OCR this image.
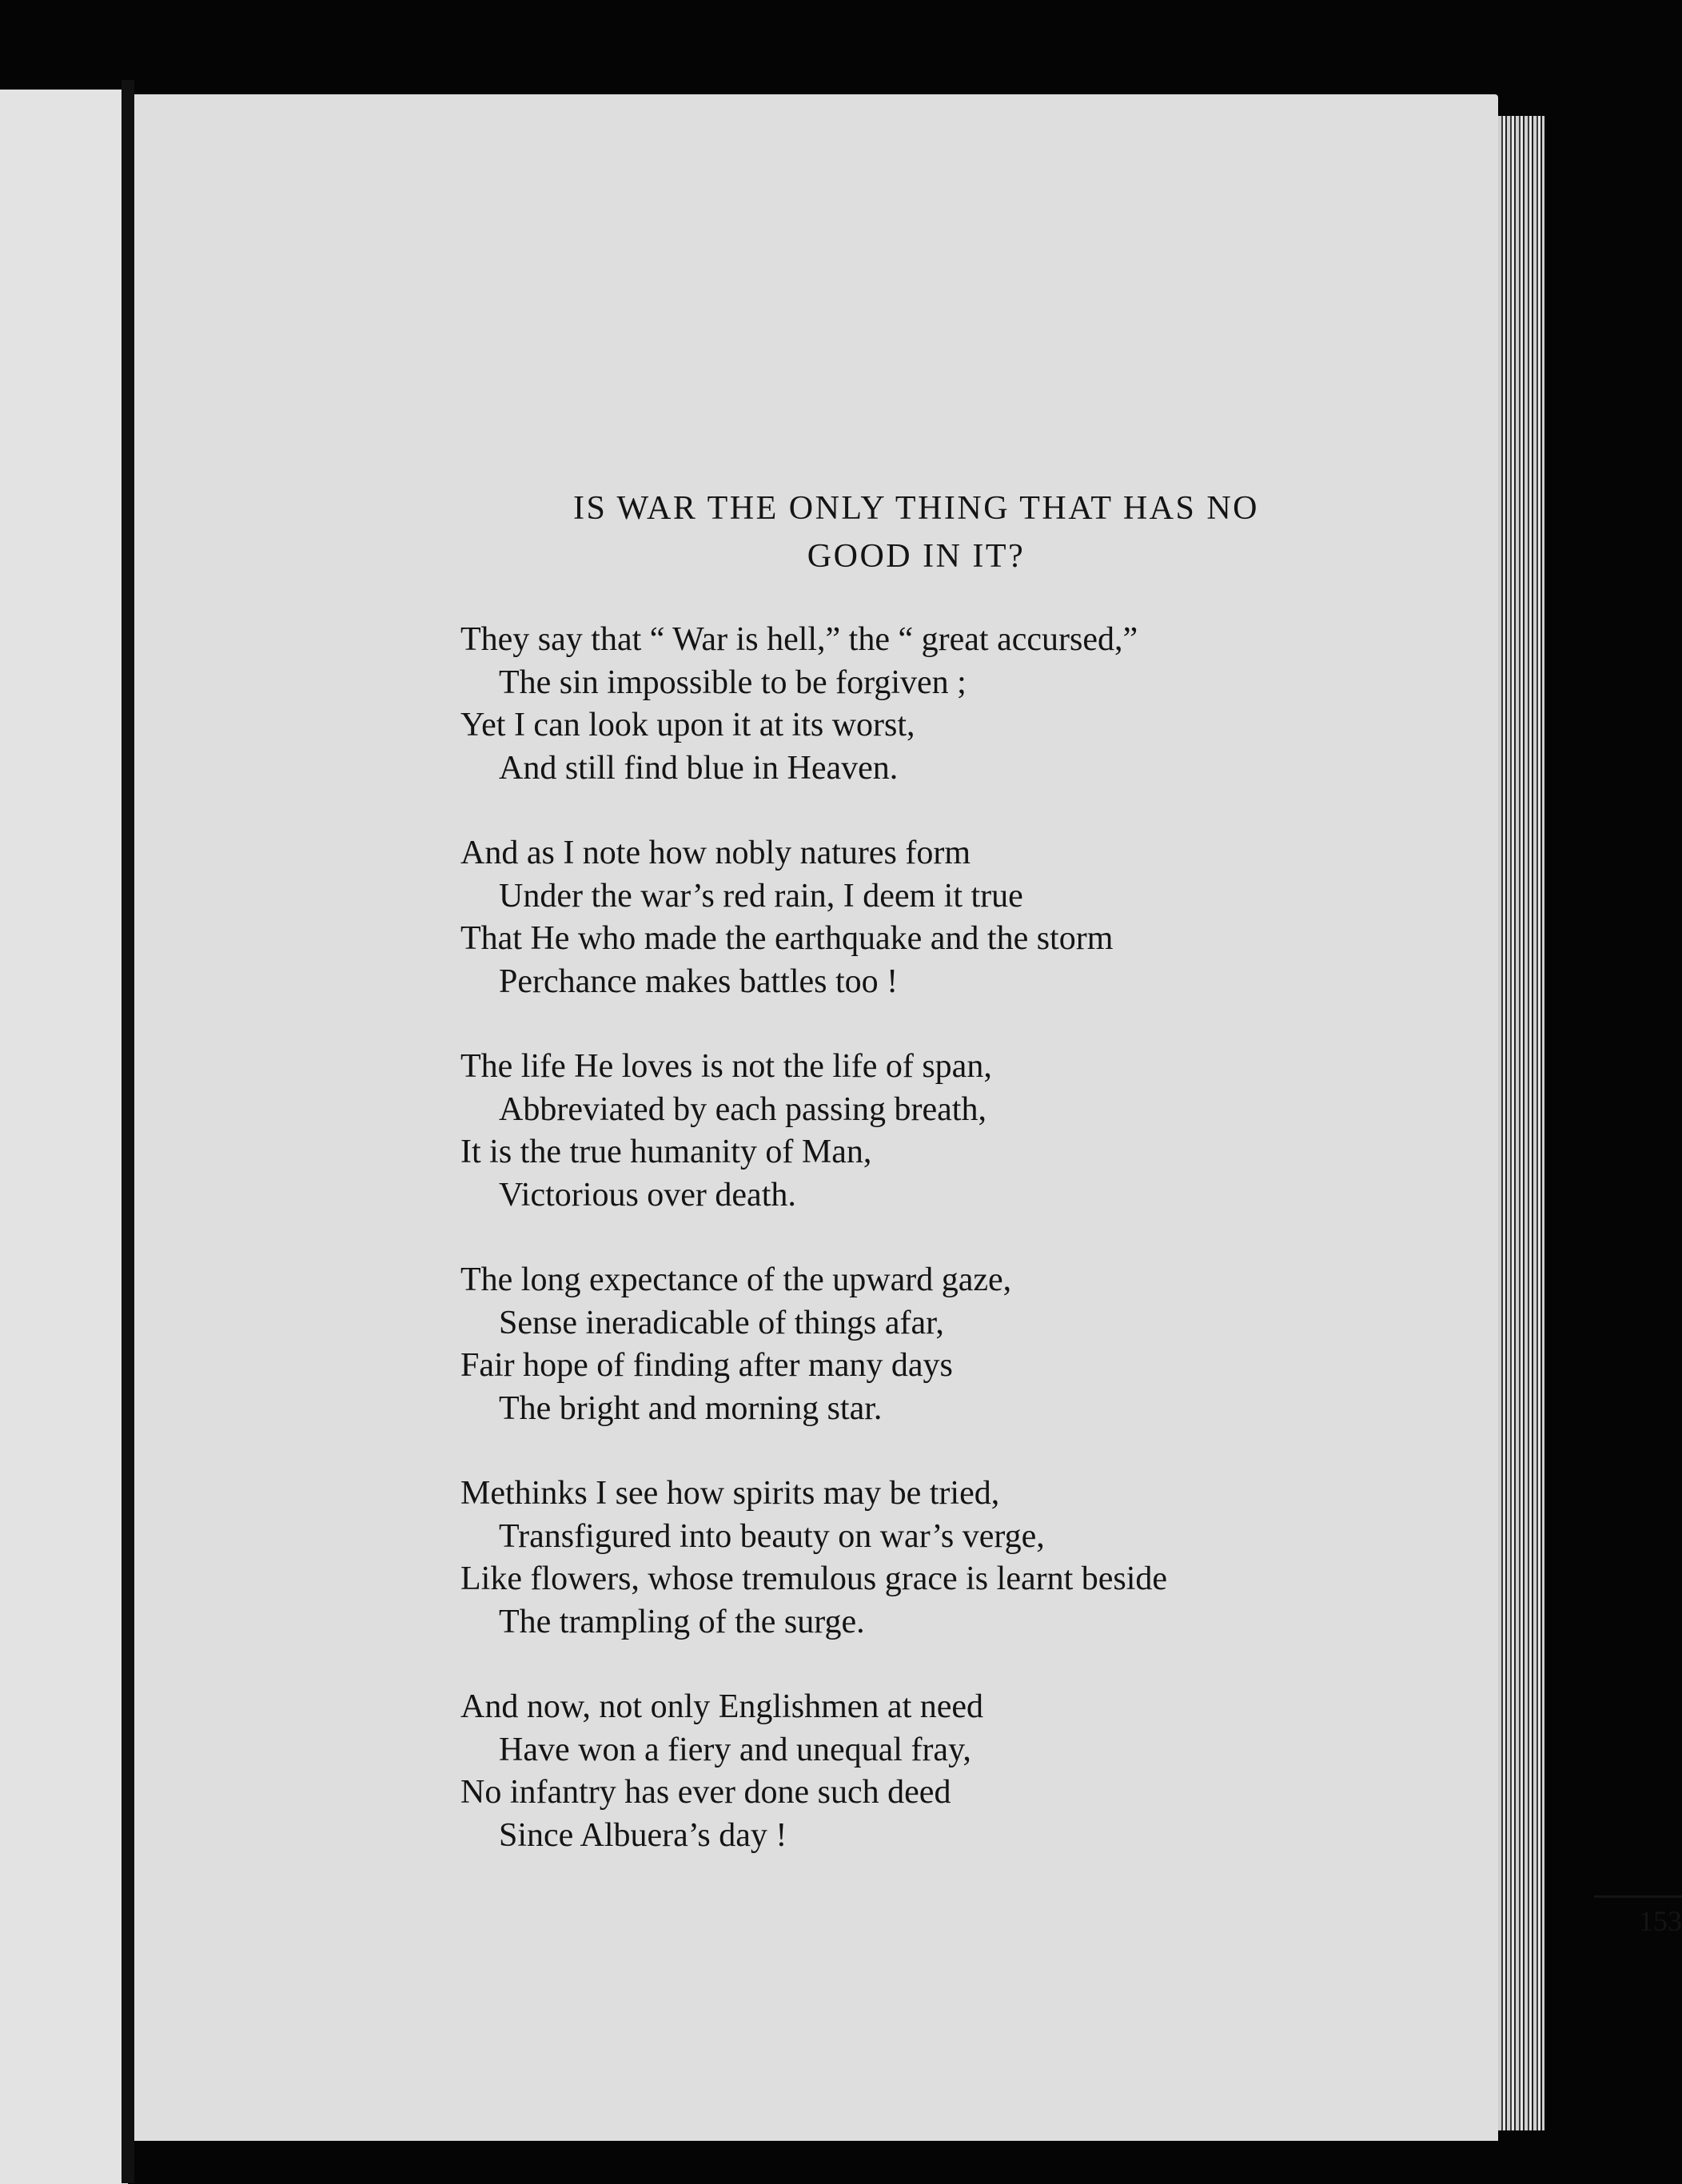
IS WAR THE ONLY THING THAT HAS NO
GOOD IN IT?
They say that “ War is hell,” the “ great accursed,”
The sin impossible to be forgiven ;
Yet I can look upon it at its worst,
And still find blue in Heaven.
And as I note how nobly natures form
Under the war’s red rain, I deem it true
That He who made the earthquake and the storm
Perchance makes battles too !
The life He loves is not the life of span,
Abbreviated by each passing breath,
It is the true humanity of Man,
Victorious over death.
The long expectance of the upward gaze,
Sense ineradicable of things afar,
Fair hope of finding after many days
The bright and morning star.
Methinks I see how spirits may be tried,
Transfigured into beauty on war’s verge,
Like flowers, whose tremulous grace is learnt beside
The trampling of the surge.
And now, not only Englishmen at need
Have won a fiery and unequal fray,
No infantry has ever done such deed
Since Albuera’s day !
153
